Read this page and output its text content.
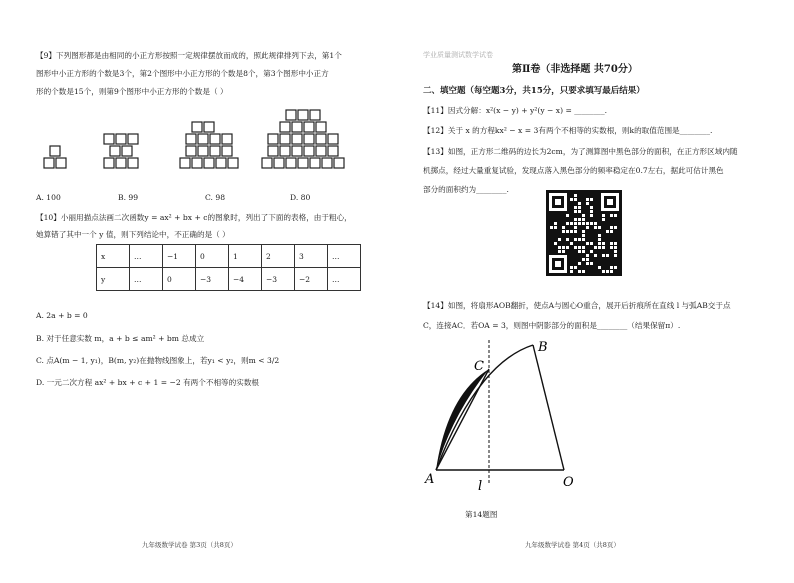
【9】下列图形都是由相同的小正方形按照一定规律摆放而成的，照此规律排列下去，第1个
图形中小正方形的个数是3个，第2个图形中小正方形的个数是8个，第3个图形中小正方
形的个数是15个，则第9个图形中小正方形的个数是（ ）
A. 100	B. 99	C. 98	D. 80
【10】小丽用描点法画二次函数y = ax² + bx + c的图象时，列出了下面的表格，由于粗心，
她算错了其中一个 y 值，则下列结论中，不正确的是（ ）
x	…	−1	0	1	2	3	…
y	…	0	−3	−4	−3	−2	…
A. 2a + b = 0
B. 对于任意实数 m，a + b ≤ am² + bm 总成立
C. 点A(m − 1, y₁)，B(m, y₂)在抛物线图象上，若y₁ < y₂，则m < 3/2
D. 一元二次方程 ax² + bx + c + 1 = −2 有两个不相等的实数根
九年级数学试卷 第3页（共8页）
学业质量测试数学试卷
第Ⅱ卷（非选择题 共70分）
二、填空题（每空题3分，共15分，只要求填写最后结果）
【11】因式分解：x²(x − y) + y²(y − x) = ________.
【12】关于 x 的方程kx² − x = 3有两个不相等的实数根，则k的取值范围是________.
【13】如图，正方形二维码的边长为2cm，为了测算图中黑色部分的面积，在正方形区域内随
机掷点，经过大量重复试验，发现点落入黑色部分的频率稳定在0.7左右，据此可估计黑色
部分的面积约为________.
【14】如图，将扇形AOB翻折，使点A与圆心O重合，展开后折痕所在直线 l 与弧AB交于点
C，连接AC．若OA = 3，则图中阴影部分的面积是________（结果保留π）.
C
B
A	l	O
第14题图
九年级数学试卷 第4页（共8页）
